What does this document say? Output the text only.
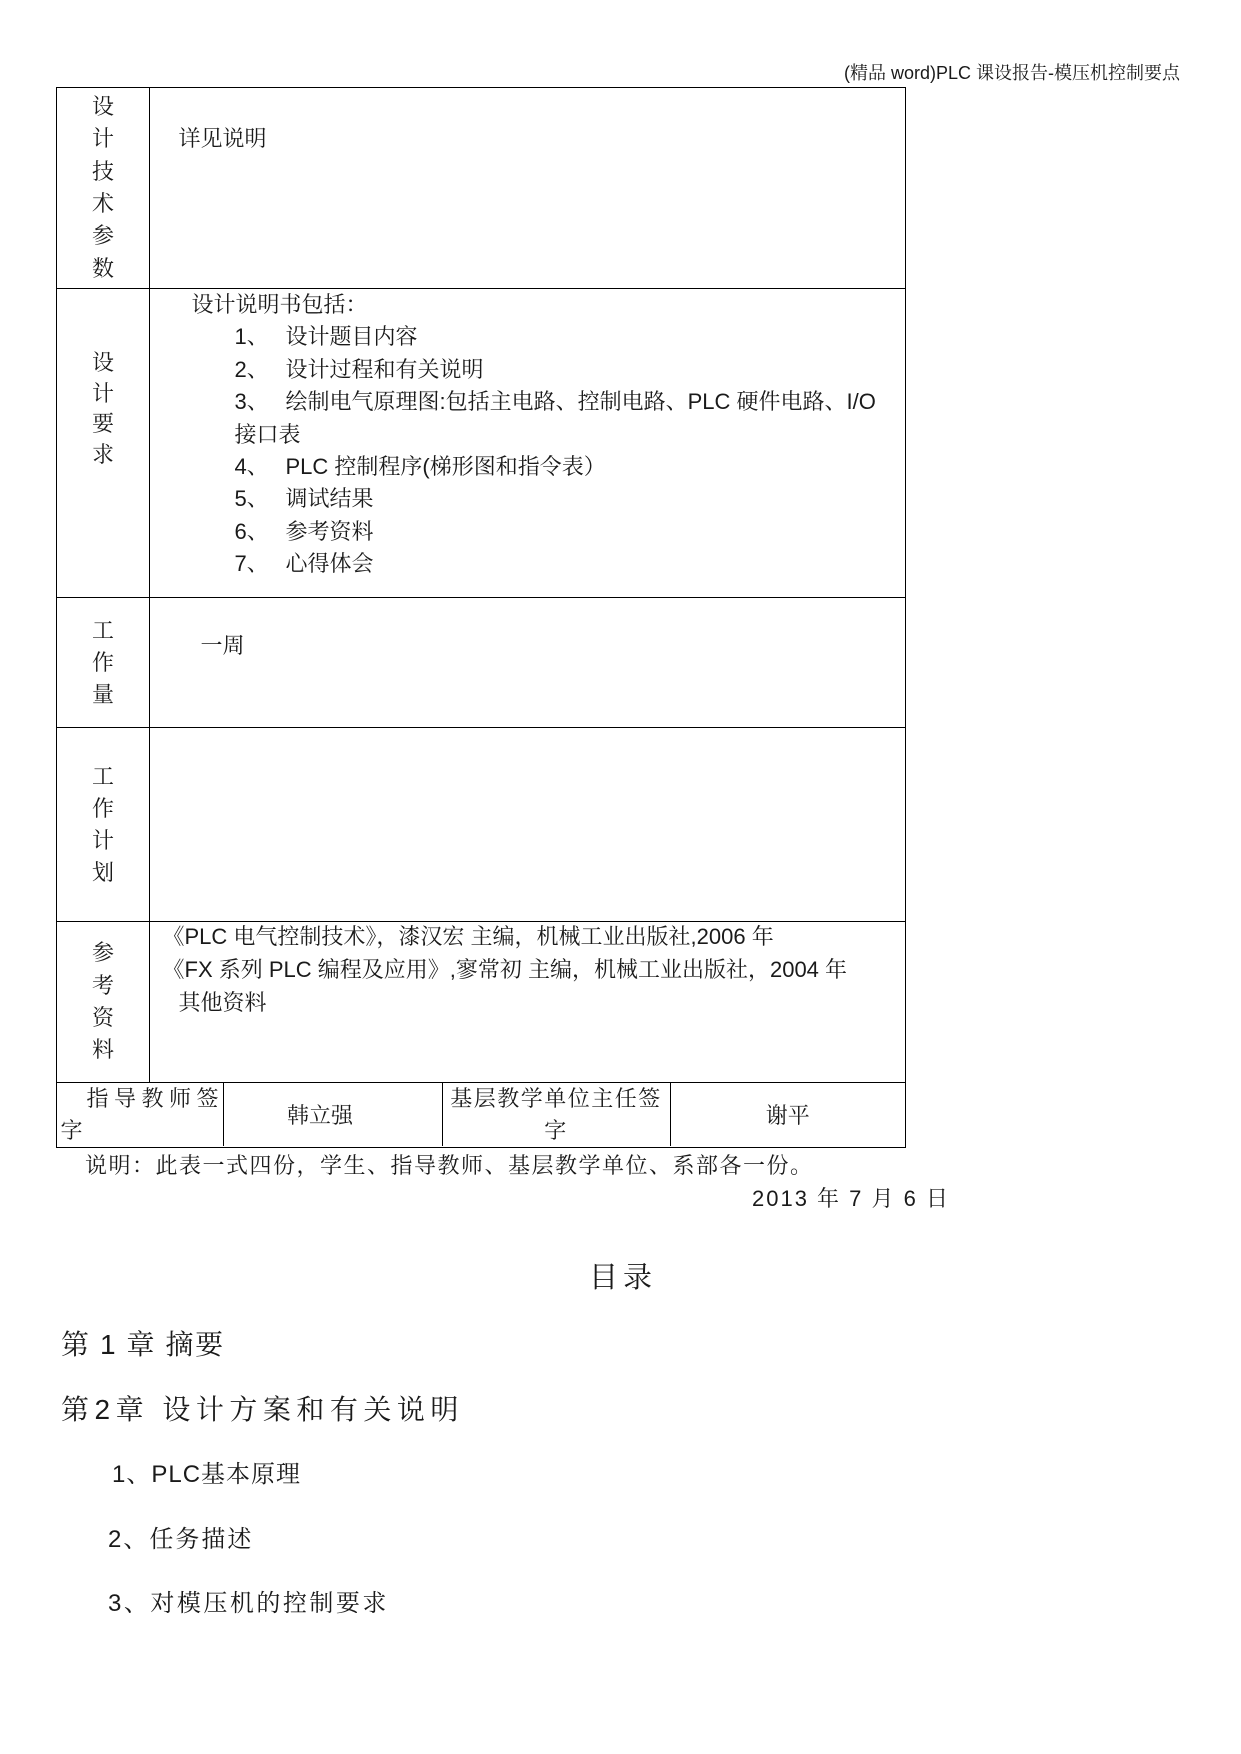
(精品 word)PLC 课设报告-模压机控制要点
设计技术参数
详见说明
设计要求
设计说明书包括：
1、 设计题目内容
2、 设计过程和有关说明
3、 绘制电气原理图:包括主电路、控制电路、PLC 硬件电路、I/O
接口表
4、 PLC 控制程序(梯形图和指令表）
5、 调试结果
6、 参考资料
7、 心得体会
工作量
一周
工作计划
参考资料
《PLC 电气控制技术》，漆汉宏 主编，机械工业出版社,2006 年
《FX 系列 PLC 编程及应用》,寥常初 主编，机械工业出版社，2004 年
其他资料
指导教师签
字
韩立强
基层教学单位主任签
字
谢平
说明：此表一式四份，学生、指导教师、基层教学单位、系部各一份。
2013 年 7 月 6 日
目录
第 1 章 摘要
第2章 设计方案和有关说明
1、PLC基本原理
2、任务描述
3、对模压机的控制要求
